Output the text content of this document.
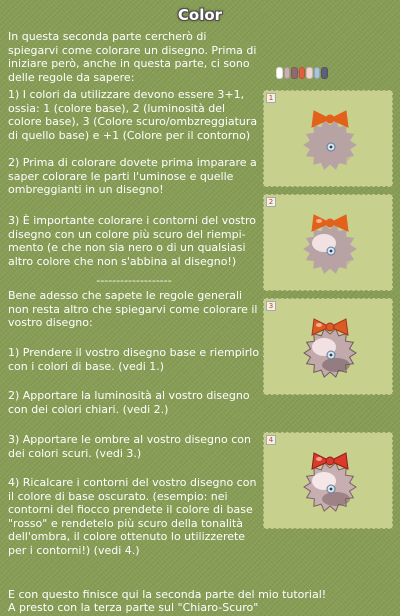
Color

In questa seconda parte cercherò di spiegarvi come colorare un disegno. Prima di iniziare però, anche in questa parte, ci sono delle regole da sapere:

1) I colori da utilizzare devono essere 3+1, ossia: 1 (colore base), 2 (luminosità del colore base), 3 (Colore scuro/ombzreggiatura di quello base) e +1 (Colore per il contorno)

2) Prima di colorare dovete prima imparare a saper colorare le parti l'uminose e quelle ombreggianti in un disegno!

3) È importante colorare i contorni del vostro disegno con un colore più scuro del riempi-mento (e che non sia nero o di un qualsiasi altro colore che non s'abbina al disegno!)

-------------------

Bene adesso che sapete le regole generali non resta altro che spiegarvi come colorare il vostro disegno:

1) Prendere il vostro disegno base e riempirlo con i colori di base. (vedi 1.)

2) Apportare la luminosità al vostro disegno con dei colori chiari. (vedi 2.)

3) Apportare le ombre al vostro disegno con dei colori scuri. (vedi 3.)

4) Ricalcare i contorni del vostro disegno con il colore di base oscurato. (esempio: nei contorni del fiocco prendete il colore di base "rosso" e rendetelo più scuro della tonalità dell'ombra, il colore ottenuto lo utilizzerete per i contorni!) (vedi 4.)

E con questo finisce qui la seconda parte del mio tutorial!

A presto con la terza parte sul "Chiaro-Scuro"

1
2
3
4
